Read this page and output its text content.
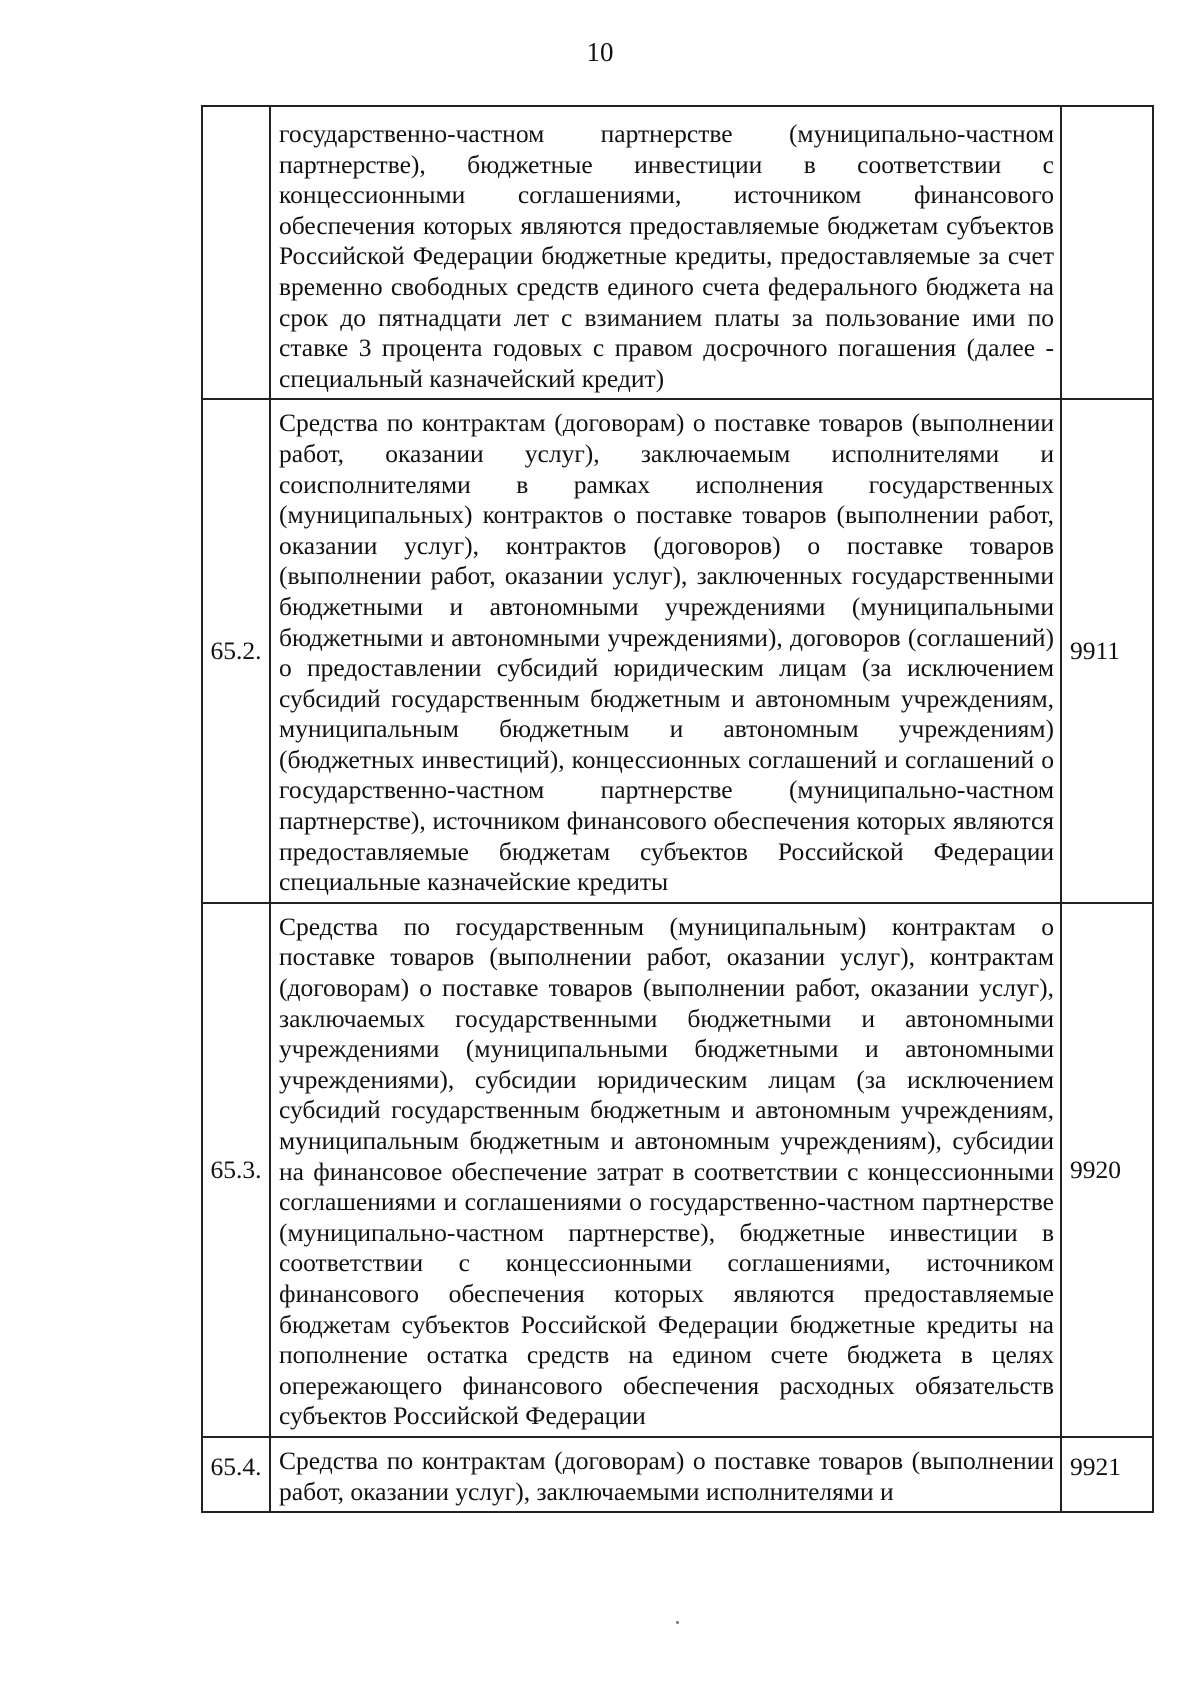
10
	государственно-частном партнерстве (муниципально-частном партнерстве), бюджетные инвестиции в соответствии с концессионными соглашениями, источником финансового обеспечения которых являются предоставляемые бюджетам субъектов Российской Федерации бюджетные кредиты, предоставляемые за счет временно свободных средств единого счета федерального бюджета на срок до пятнадцати лет с взиманием платы за пользование ими по ставке 3 процента годовых с правом досрочного погашения (далее - специальный казначейский кредит)	
65.2.	Средства по контрактам (договорам) о поставке товаров (выполнении работ, оказании услуг), заключаемым исполнителями и соисполнителями в рамках исполнения государственных (муниципальных) контрактов о поставке товаров (выполнении работ, оказании услуг), контрактов (договоров) о поставке товаров (выполнении работ, оказании услуг), заключенных государственными бюджетными и автономными учреждениями (муниципальными бюджетными и автономными учреждениями), договоров (соглашений) о предоставлении субсидий юридическим лицам (за исключением субсидий государственным бюджетным и автономным учреждениям, муниципальным бюджетным и автономным учреждениям) (бюджетных инвестиций), концессионных соглашений и соглашений о государственно-частном партнерстве (муниципально-частном партнерстве), источником финансового обеспечения которых являются предоставляемые бюджетам субъектов Российской Федерации специальные казначейские кредиты	9911
65.3.	Средства по государственным (муниципальным) контрактам о поставке товаров (выполнении работ, оказании услуг), контрактам (договорам) о поставке товаров (выполнении работ, оказании услуг), заключаемых государственными бюджетными и автономными учреждениями (муниципальными бюджетными и автономными учреждениями), субсидии юридическим лицам (за исключением субсидий государственным бюджетным и автономным учреждениям, муниципальным бюджетным и автономным учреждениям), субсидии на финансовое обеспечение затрат в соответствии с концессионными соглашениями и соглашениями о государственно-частном партнерстве (муниципально-частном партнерстве), бюджетные инвестиции в соответствии с концессионными соглашениями, источником финансового обеспечения которых являются предоставляемые бюджетам субъектов Российской Федерации бюджетные кредиты на пополнение остатка средств на едином счете бюджета в целях опережающего финансового обеспечения расходных обязательств субъектов Российской Федерации	9920
65.4.	Средства по контрактам (договорам) о поставке товаров (выполнении работ, оказании услуг), заключаемыми исполнителями и	9921
